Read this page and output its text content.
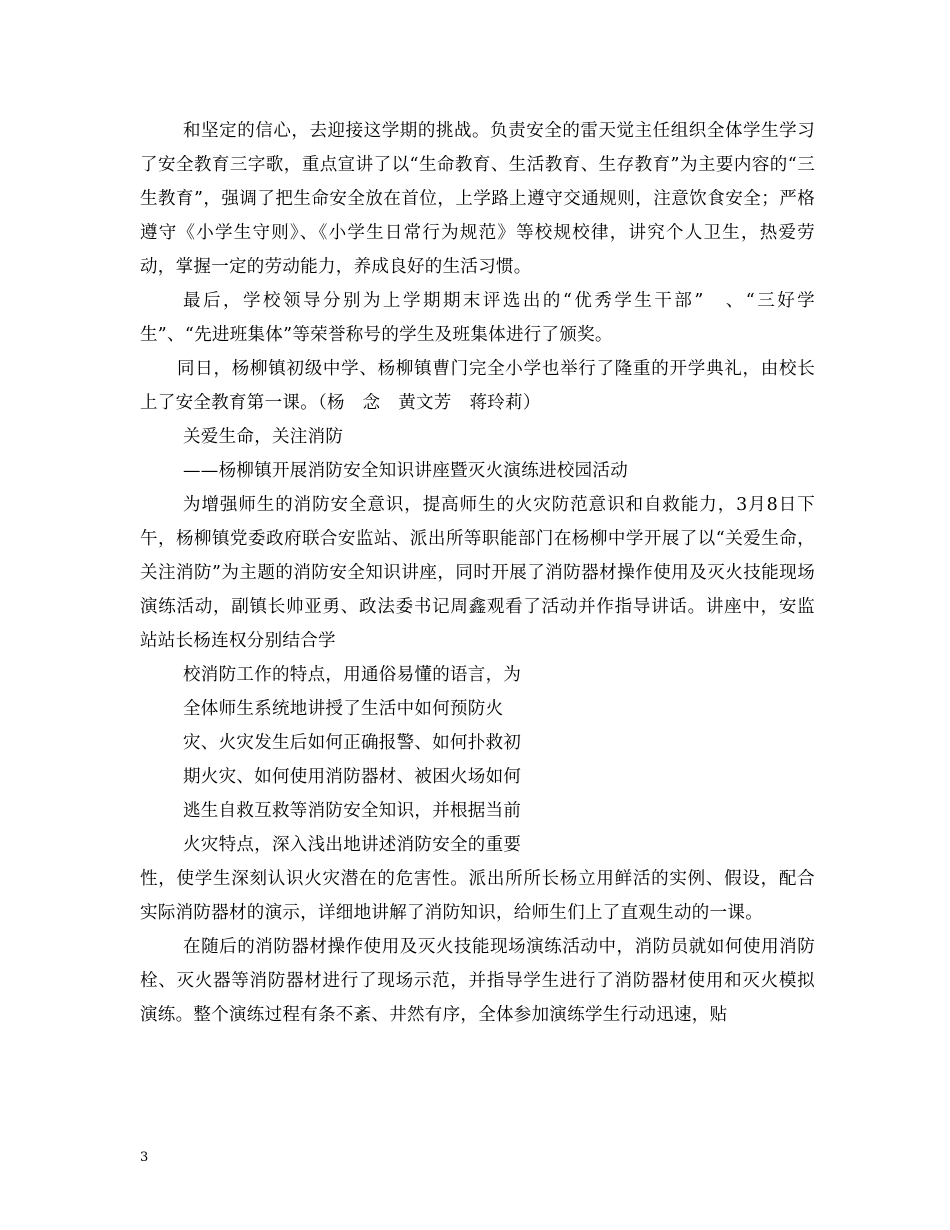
和坚定的信心，去迎接这学期的挑战。负责安全的雷天觉主任组织全体学生学习了安全教育三字歌，重点宣讲了以“生命教育、生活教育、生存教育”为主要内容的“三生教育”，强调了把生命安全放在首位，上学路上遵守交通规则，注意饮食安全；严格遵守《小学生守则》、《小学生日常行为规范》等校规校律，讲究个人卫生，热爱劳动，掌握一定的劳动能力，养成良好的生活习惯。

最后，学校领导分别为上学期期末评选出的“优秀学生干部”　、“三好学生”、“先进班集体”等荣誉称号的学生及班集体进行了颁奖。

同日，杨柳镇初级中学、杨柳镇曹门完全小学也举行了隆重的开学典礼，由校长上了安全教育第一课。（杨　念　黄文芳　蒋玲莉）

关爱生命，关注消防

——杨柳镇开展消防安全知识讲座暨灭火演练进校园活动

为增强师生的消防安全意识，提高师生的火灾防范意识和自救能力，3月8日下午，杨柳镇党委政府联合安监站、派出所等职能部门在杨柳中学开展了以“关爱生命，关注消防”为主题的消防安全知识讲座，同时开展了消防器材操作使用及灭火技能现场演练活动，副镇长帅亚勇、政法委书记周鑫观看了活动并作指导讲话。讲座中，安监站站长杨连权分别结合学

校消防工作的特点，用通俗易懂的语言，为

全体师生系统地讲授了生活中如何预防火

灾、火灾发生后如何正确报警、如何扑救初

期火灾、如何使用消防器材、被困火场如何

逃生自救互救等消防安全知识，并根据当前

火灾特点，深入浅出地讲述消防安全的重要

性，使学生深刻认识火灾潜在的危害性。派出所所长杨立用鲜活的实例、假设，配合实际消防器材的演示，详细地讲解了消防知识，给师生们上了直观生动的一课。

在随后的消防器材操作使用及灭火技能现场演练活动中，消防员就如何使用消防栓、灭火器等消防器材进行了现场示范，并指导学生进行了消防器材使用和灭火模拟演练。整个演练过程有条不紊、井然有序，全体参加演练学生行动迅速，贴

3
